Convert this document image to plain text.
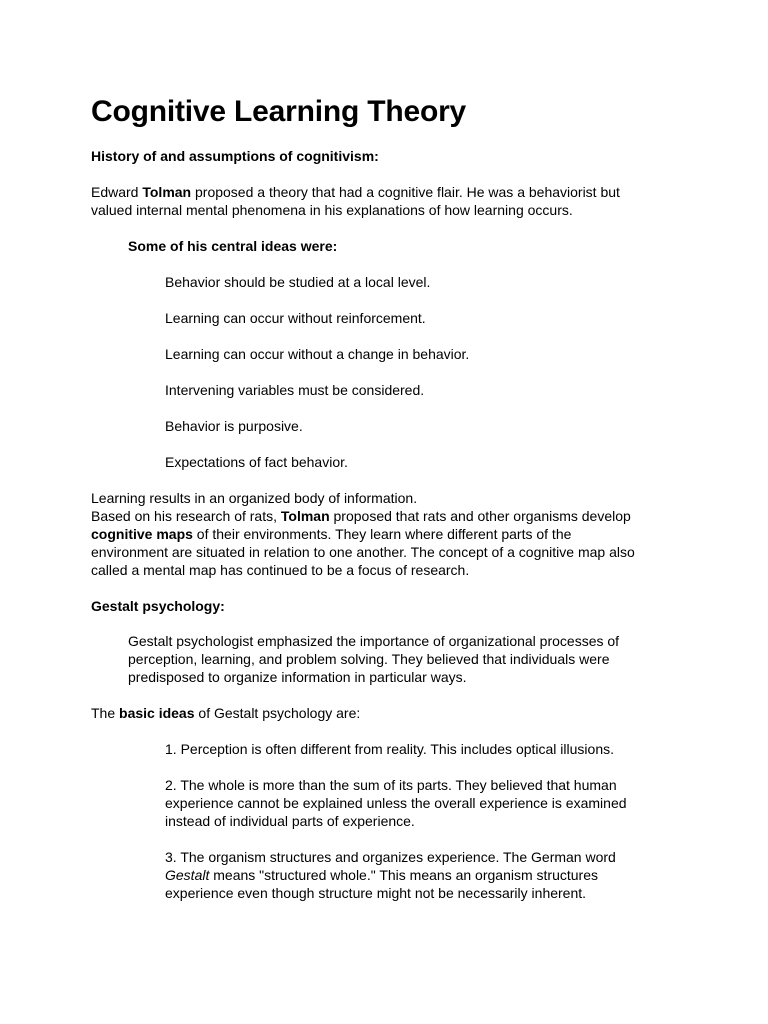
Cognitive Learning Theory
History of and assumptions of cognitivism:
Edward Tolman proposed a theory that had a cognitive flair. He was a behaviorist but
valued internal mental phenomena in his explanations of how learning occurs.
Some of his central ideas were:
Behavior should be studied at a local level.
Learning can occur without reinforcement.
Learning can occur without a change in behavior.
Intervening variables must be considered.
Behavior is purposive.
Expectations of fact behavior.
Learning results in an organized body of information.
Based on his research of rats, Tolman proposed that rats and other organisms develop
cognitive maps of their environments. They learn where different parts of the
environment are situated in relation to one another. The concept of a cognitive map also
called a mental map has continued to be a focus of research.
Gestalt psychology:
Gestalt psychologist emphasized the importance of organizational processes of
perception, learning, and problem solving. They believed that individuals were
predisposed to organize information in particular ways.
The basic ideas of Gestalt psychology are:
1. Perception is often different from reality. This includes optical illusions.
2. The whole is more than the sum of its parts. They believed that human
experience cannot be explained unless the overall experience is examined
instead of individual parts of experience.
3. The organism structures and organizes experience. The German word
Gestalt means "structured whole." This means an organism structures
experience even though structure might not be necessarily inherent.
